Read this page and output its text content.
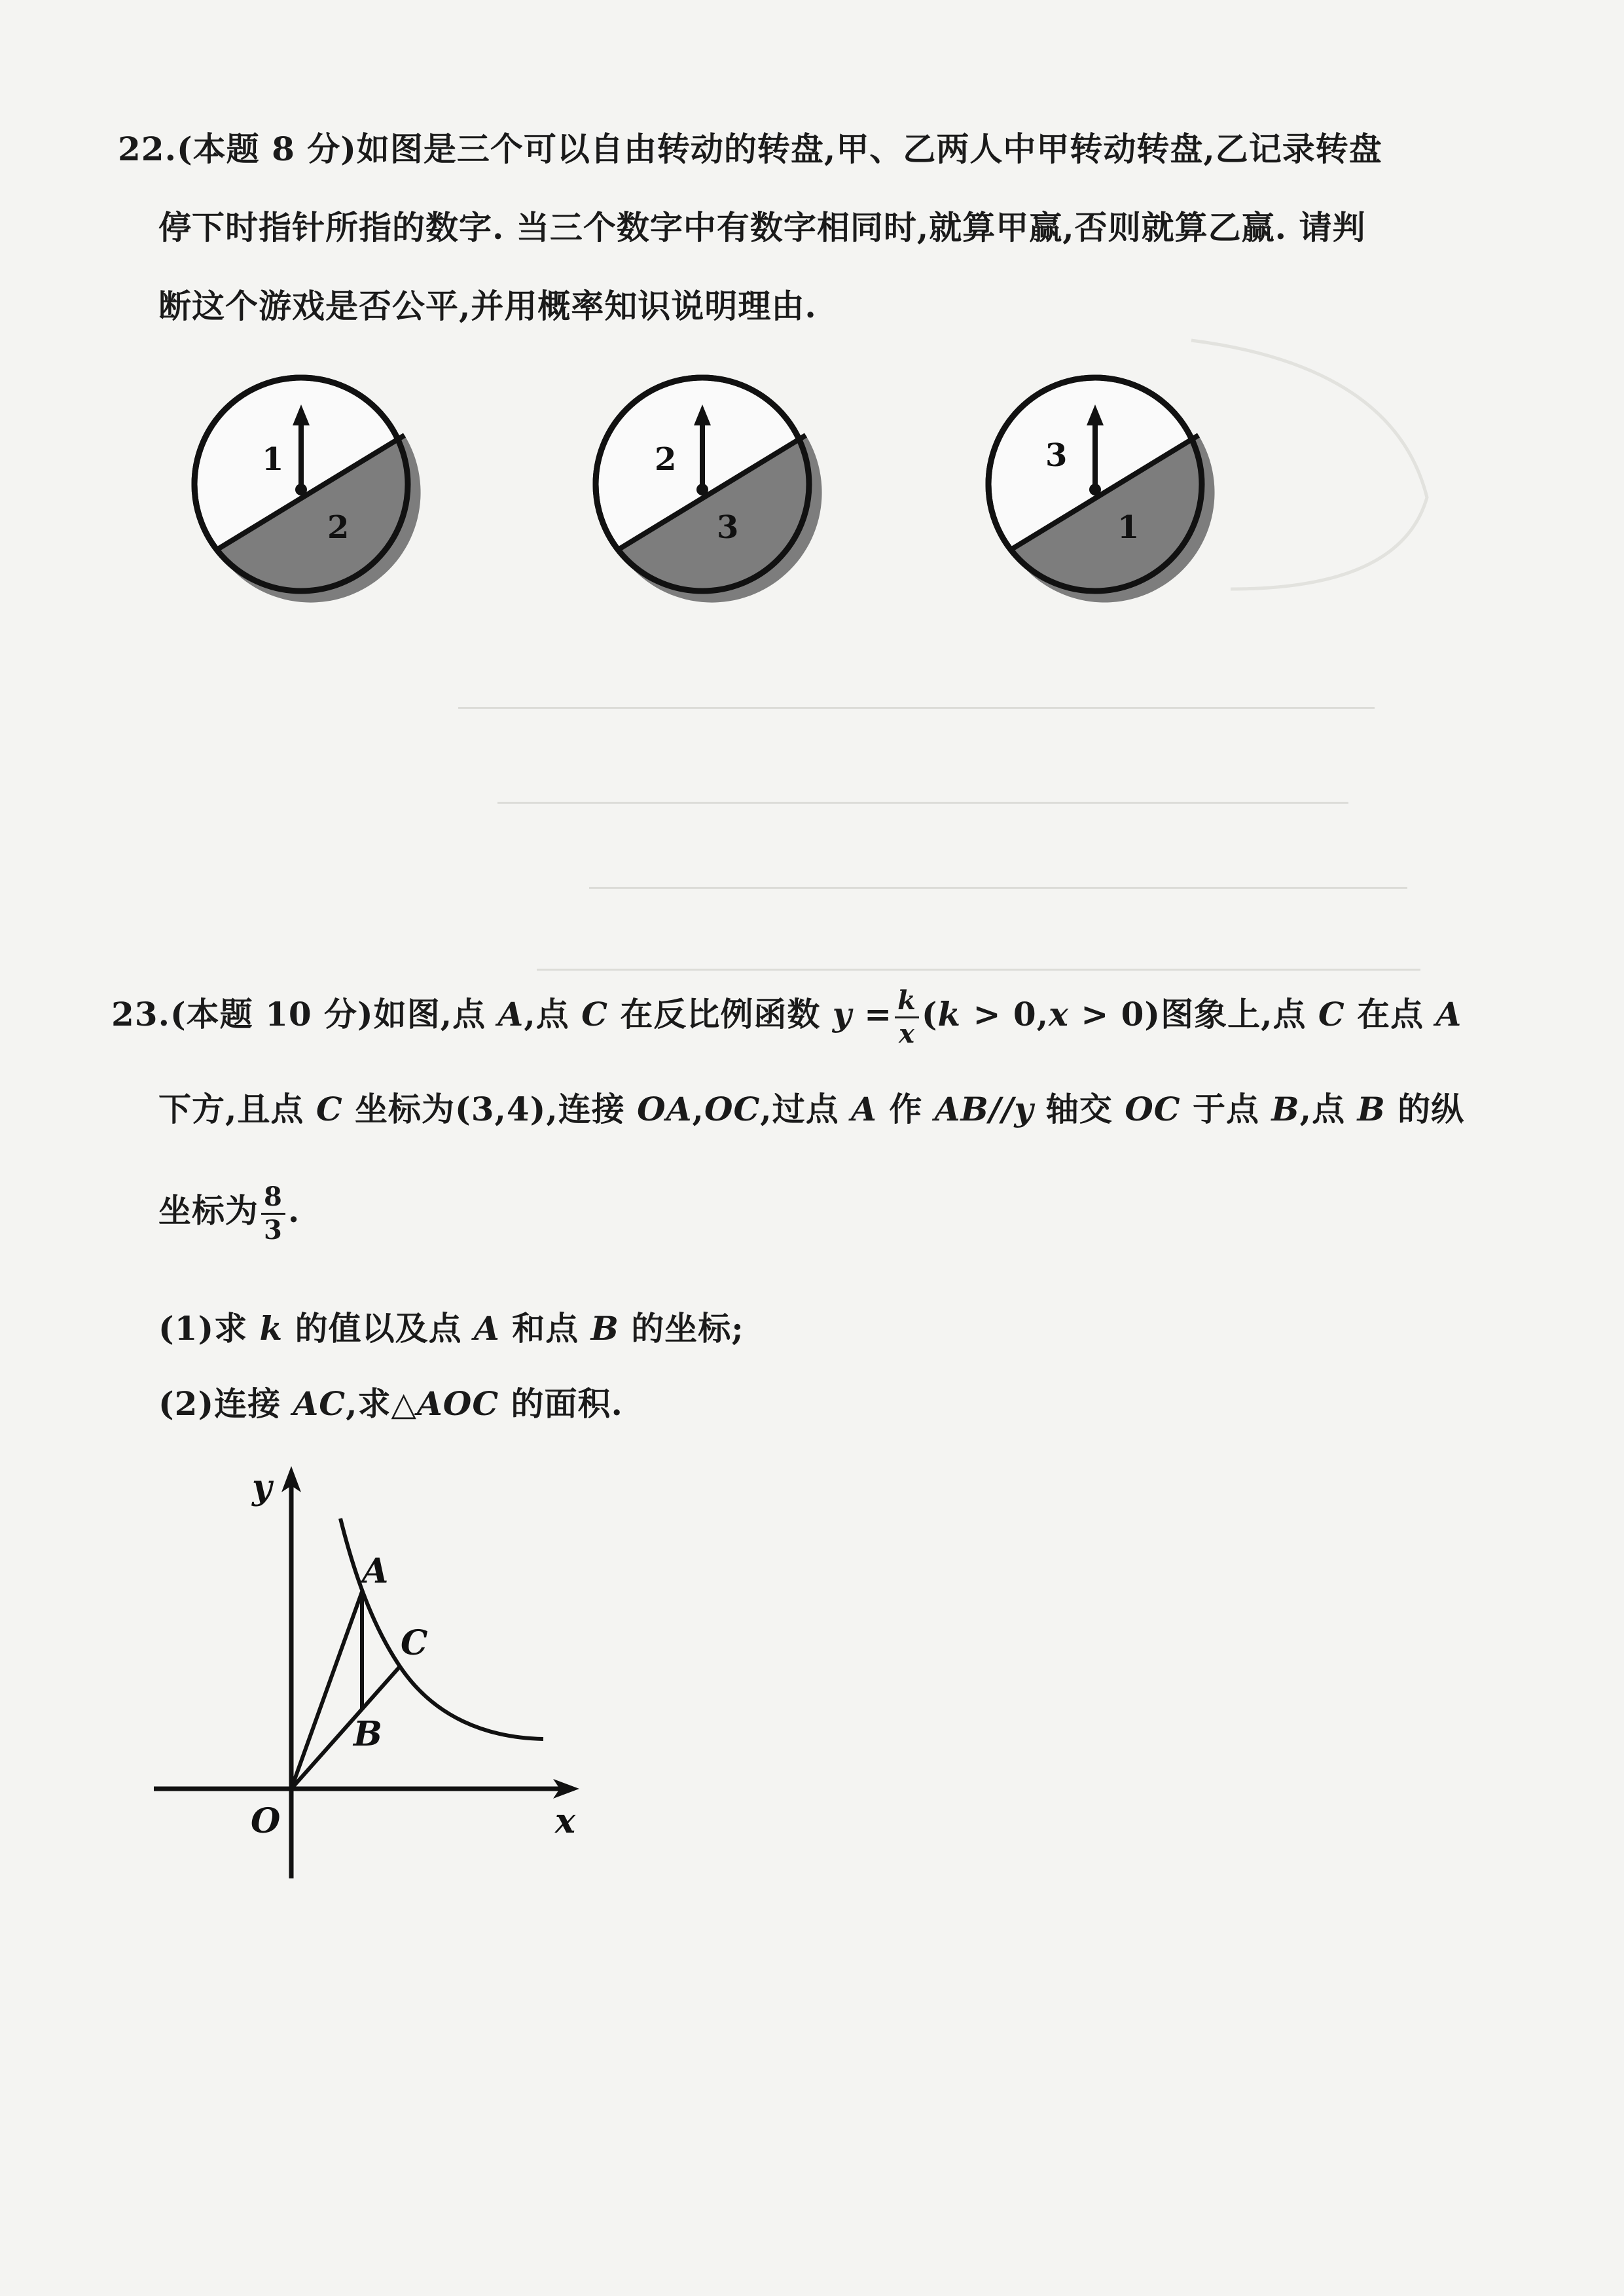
22.(本题 8 分)如图是三个可以自由转动的转盘,甲、乙两人中甲转动转盘,乙记录转盘
停下时指针所指的数字. 当三个数字中有数字相同时,就算甲赢,否则就算乙赢. 请判
断这个游戏是否公平,并用概率知识说明理由.
1
2
2
3
3
1
23.(本题 10 分)如图,点 A,点 C 在反比例函数 $y = \frac{k}{x} (k > 0,x > 0)$图象上,点 C 在点 A
下方,且点 C 坐标为(3,4),连接 OA,OC,过点 A 作 AB//y 轴交 OC 于点 B,点 B 的纵
坐标为 $\frac{8}{3}$ .
(1)求 k 的值以及点 A 和点 B 的坐标;
(2)连接 AC,求△AOC 的面积.
y
x
O
A
B
C
